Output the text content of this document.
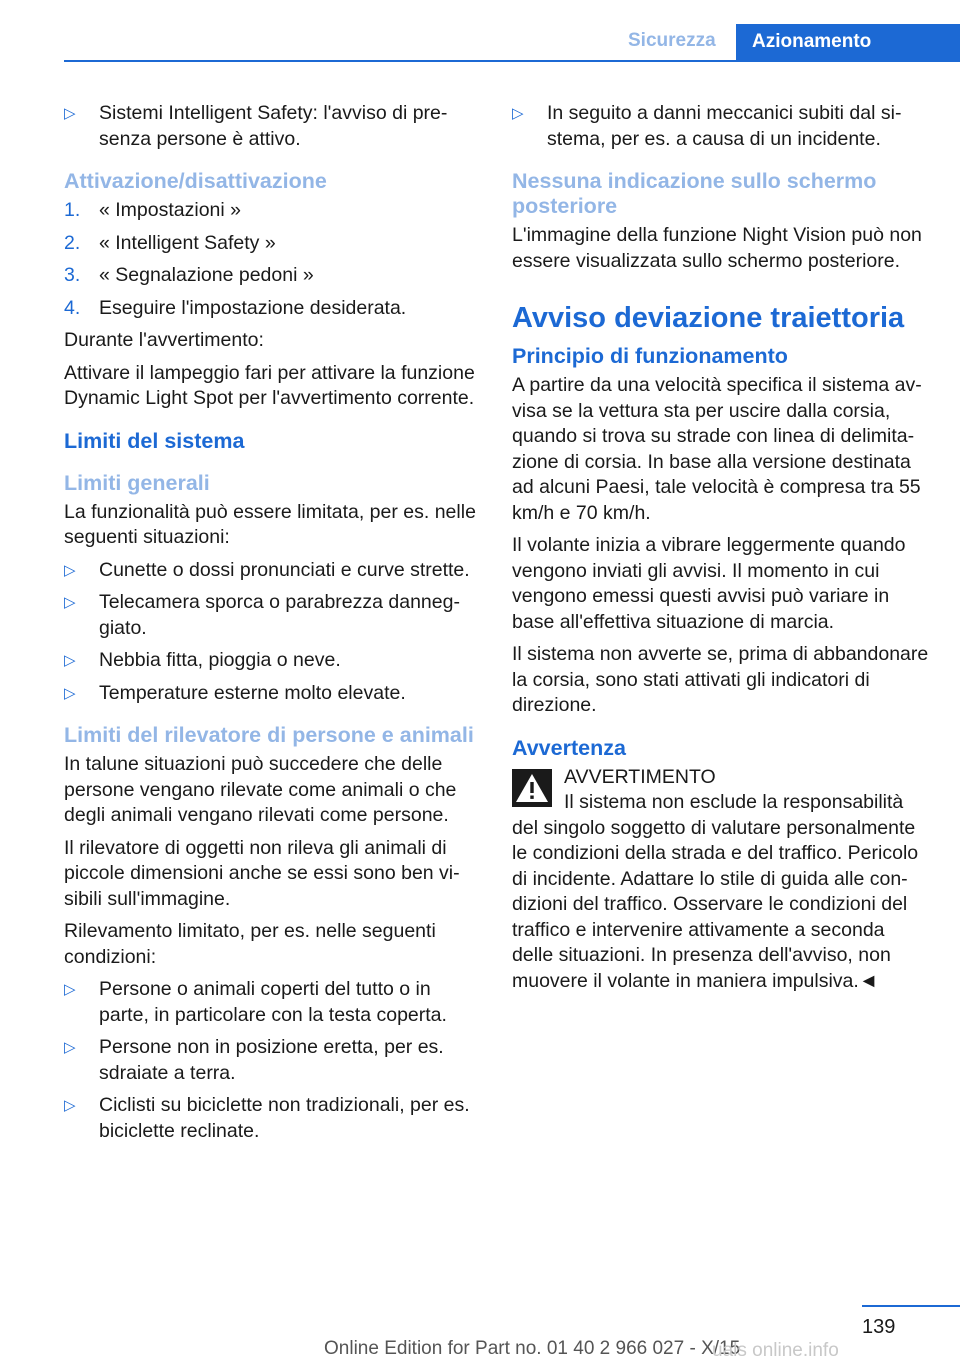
Sicurezza Azionamento
▷ Sistemi Intelligent Safety: l'avviso di presenza persone è attivo.
Attivazione/disattivazione
1. « Impostazioni »
2. « Intelligent Safety »
3. « Segnalazione pedoni »
4. Eseguire l'impostazione desiderata.

Durante l'avvertimento:

Attivare il lampeggio fari per attivare la funzione Dynamic Light Spot per l'avvertimento corrente.

Limiti del sistema
Limiti generali

La funzionalità può essere limitata, per es. nelle seguenti situazioni:

▷ Cunette o dossi pronunciati e curve strette.
▷ Telecamera sporca o parabrezza danneggiato.
▷ Nebbia fitta, pioggia o neve.
▷ Temperature esterne molto elevate.
Limiti del rilevatore di persone e animali

In talune situazioni può succedere che delle persone vengano rilevate come animali o che degli animali vengano rilevati come persone.

Il rilevatore di oggetti non rileva gli animali di piccole dimensioni anche se essi sono ben visibili sull'immagine.

Rilevamento limitato, per es. nelle seguenti condizioni:

▷ Persone o animali coperti del tutto o in parte, in particolare con la testa coperta.
▷ Persone non in posizione eretta, per es. sdraiate a terra.
▷ Ciclisti su biciclette non tradizionali, per es. biciclette reclinate.
▷ In seguito a danni meccanici subiti dal sistema, per es. a causa di un incidente.
Nessuna indicazione sullo schermo posteriore

L'immagine della funzione Night Vision può non essere visualizzata sullo schermo posteriore.

Avviso deviazione traiettoria
Principio di funzionamento

A partire da una velocità specifica il sistema avvisa se la vettura sta per uscire dalla corsia, quando si trova su strade con linea di delimitazione di corsia. In base alla versione destinata ad alcuni Paesi, tale velocità è compresa tra 55 km/h e 70 km/h.

Il volante inizia a vibrare leggermente quando vengono inviati gli avvisi. Il momento in cui vengono emessi questi avvisi può variare in base all'effettiva situazione di marcia.

Il sistema non avverte se, prima di abbandonare la corsia, sono stati attivati gli indicatori di direzione.

Avvertenza
AVVERTIMENTO
Il sistema non esclude la responsabilità

del singolo soggetto di valutare personalmente le condizioni della strada e del traffico. Pericolo di incidente. Adattare lo stile di guida alle condizioni del traffico. Osservare le condizioni del traffico e intervenire attivamente a seconda delle situazioni. In presenza dell'avviso, non muovere il volante in maniera impulsiva.◄

139
Online Edition for Part no. 01 40 2 966 027 - X/15
uals online.info
